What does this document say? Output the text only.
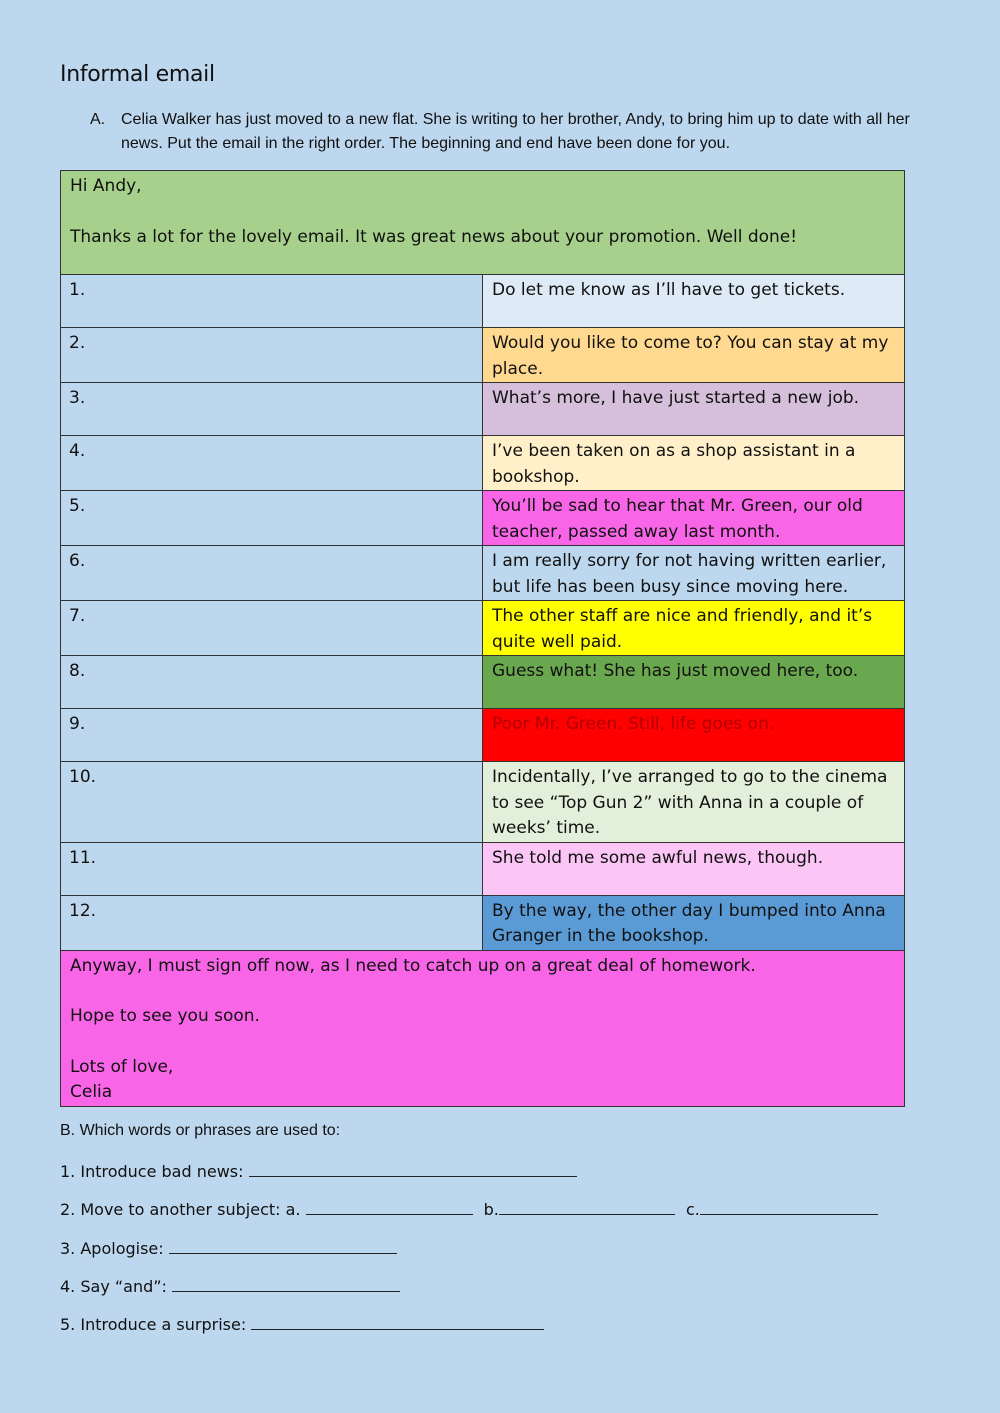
Informal email
A. Celia Walker has just moved to a new flat. She is writing to her brother, Andy, to bring him up to date with all her news. Put the email in the right order. The beginning and end have been done for you.
Hi Andy,
Thanks a lot for the lovely email. It was great news about your promotion. Well done!	

1.	Do let me know as I’ll have to get tickets.
2.	Would you like to come to? You can stay at my place.
3.	What’s more, I have just started a new job.
4.	I’ve been taken on as a shop assistant in a bookshop.
5.	You’ll be sad to hear that Mr. Green, our old teacher, passed away last month.
6.	I am really sorry for not having written earlier, but life has been busy since moving here.
7.	The other staff are nice and friendly, and it’s quite well paid.
8.	Guess what! She has just moved here, too.
9.	Poor Mr. Green. Still, life goes on.
10.	Incidentally, I’ve arranged to go to the cinema to see “Top Gun 2” with Anna in a couple of weeks’ time.
11.	She told me some awful news, though.
12.	By the way, the other day I bumped into Anna Granger in the bookshop.

Anyway, I must sign off now, as I need to catch up on a great deal of homework.
Hope to see you soon.
Lots of love,
Celia	
B. Which words or phrases are used to:
1. Introduce bad news:
2. Move to another subject: a.	b.	c.
3. Apologise:
4. Say “and”:
5. Introduce a surprise:
